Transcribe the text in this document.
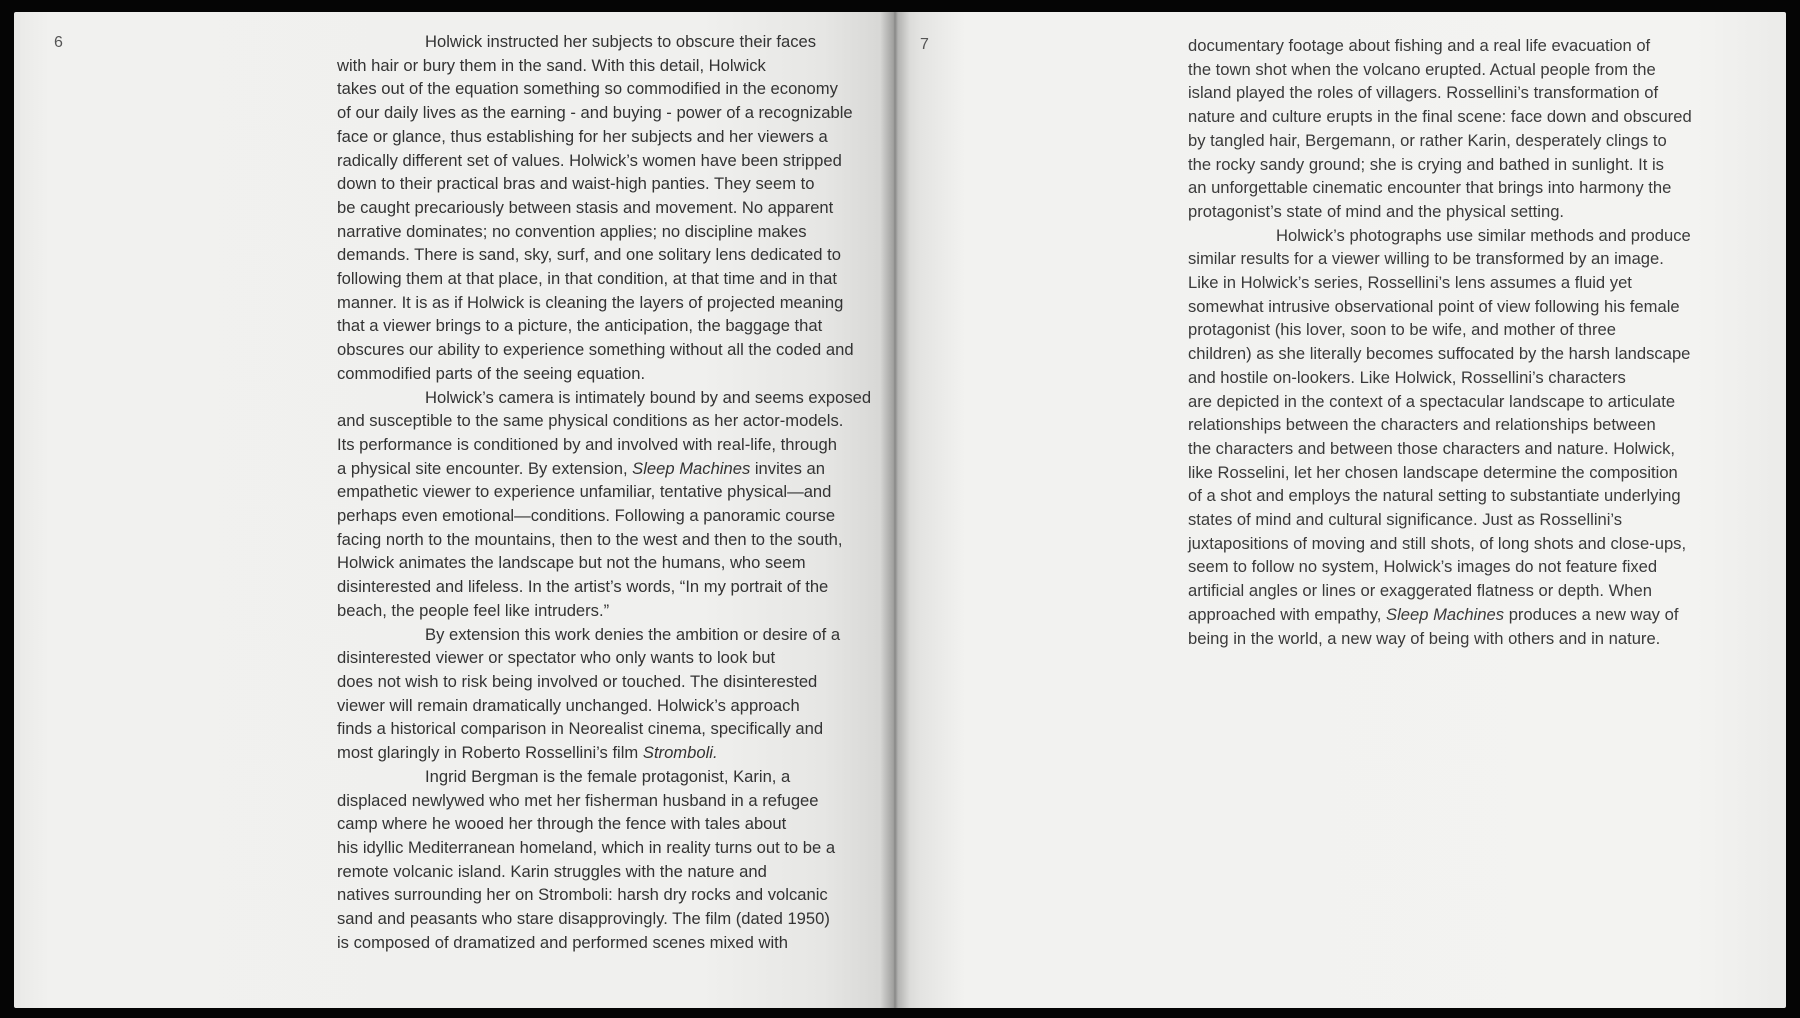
6	Holwick instructed her subjects to obscure their faces
with hair or bury them in the sand. With this detail, Holwick
takes out of the equation something so commodified in the economy
of our daily lives as the earning - and buying - power of a recognizable
face or glance, thus establishing for her subjects and her viewers a
radically different set of values. Holwick’s women have been stripped
down to their practical bras and waist-high panties. They seem to
be caught precariously between stasis and movement. No apparent
narrative dominates; no convention applies; no discipline makes
demands. There is sand, sky, surf, and one solitary lens dedicated to
following them at that place, in that condition, at that time and in that
manner. It is as if Holwick is cleaning the layers of projected meaning
that a viewer brings to a picture, the anticipation, the baggage that
obscures our ability to experience something without all the coded and
commodified parts of the seeing equation.

Holwick’s camera is intimately bound by and seems exposed
and susceptible to the same physical conditions as her actor-models.
Its performance is conditioned by and involved with real-life, through
a physical site encounter. By extension, Sleep Machines invites an
empathetic viewer to experience unfamiliar, tentative physical—and
perhaps even emotional—conditions. Following a panoramic course
facing north to the mountains, then to the west and then to the south,
Holwick animates the landscape but not the humans, who seem
disinterested and lifeless. In the artist’s words, “In my portrait of the
beach, the people feel like intruders.”

By extension this work denies the ambition or desire of a
disinterested viewer or spectator who only wants to look but
does not wish to risk being involved or touched. The disinterested
viewer will remain dramatically unchanged. Holwick’s approach
finds a historical comparison in Neorealist cinema, specifically and
most glaringly in Roberto Rossellini’s film Stromboli.

Ingrid Bergman is the female protagonist, Karin, a
displaced newlywed who met her fisherman husband in a refugee
camp where he wooed her through the fence with tales about
his idyllic Mediterranean homeland, which in reality turns out to be a
remote volcanic island. Karin struggles with the nature and
natives surrounding her on Stromboli: harsh dry rocks and volcanic
sand and peasants who stare disapprovingly. The film (dated 1950)
is composed of dramatized and performed scenes mixed with

7	documentary footage about fishing and a real life evacuation of
the town shot when the volcano erupted. Actual people from the
island played the roles of villagers. Rossellini’s transformation of
nature and culture erupts in the final scene: face down and obscured
by tangled hair, Bergemann, or rather Karin, desperately clings to
the rocky sandy ground; she is crying and bathed in sunlight. It is
an unforgettable cinematic encounter that brings into harmony the
protagonist’s state of mind and the physical setting.

Holwick’s photographs use similar methods and produce
similar results for a viewer willing to be transformed by an image.
Like in Holwick’s series, Rossellini’s lens assumes a fluid yet
somewhat intrusive observational point of view following his female
protagonist (his lover, soon to be wife, and mother of three
children) as she literally becomes suffocated by the harsh landscape
and hostile on-lookers. Like Holwick, Rossellini’s characters
are depicted in the context of a spectacular landscape to articulate
relationships between the characters and relationships between
the characters and between those characters and nature. Holwick,
like Rosselini, let her chosen landscape determine the composition
of a shot and employs the natural setting to substantiate underlying
states of mind and cultural significance. Just as Rossellini’s
juxtapositions of moving and still shots, of long shots and close-ups,
seem to follow no system, Holwick’s images do not feature fixed
artificial angles or lines or exaggerated flatness or depth. When
approached with empathy, Sleep Machines produces a new way of
being in the world, a new way of being with others and in nature.
